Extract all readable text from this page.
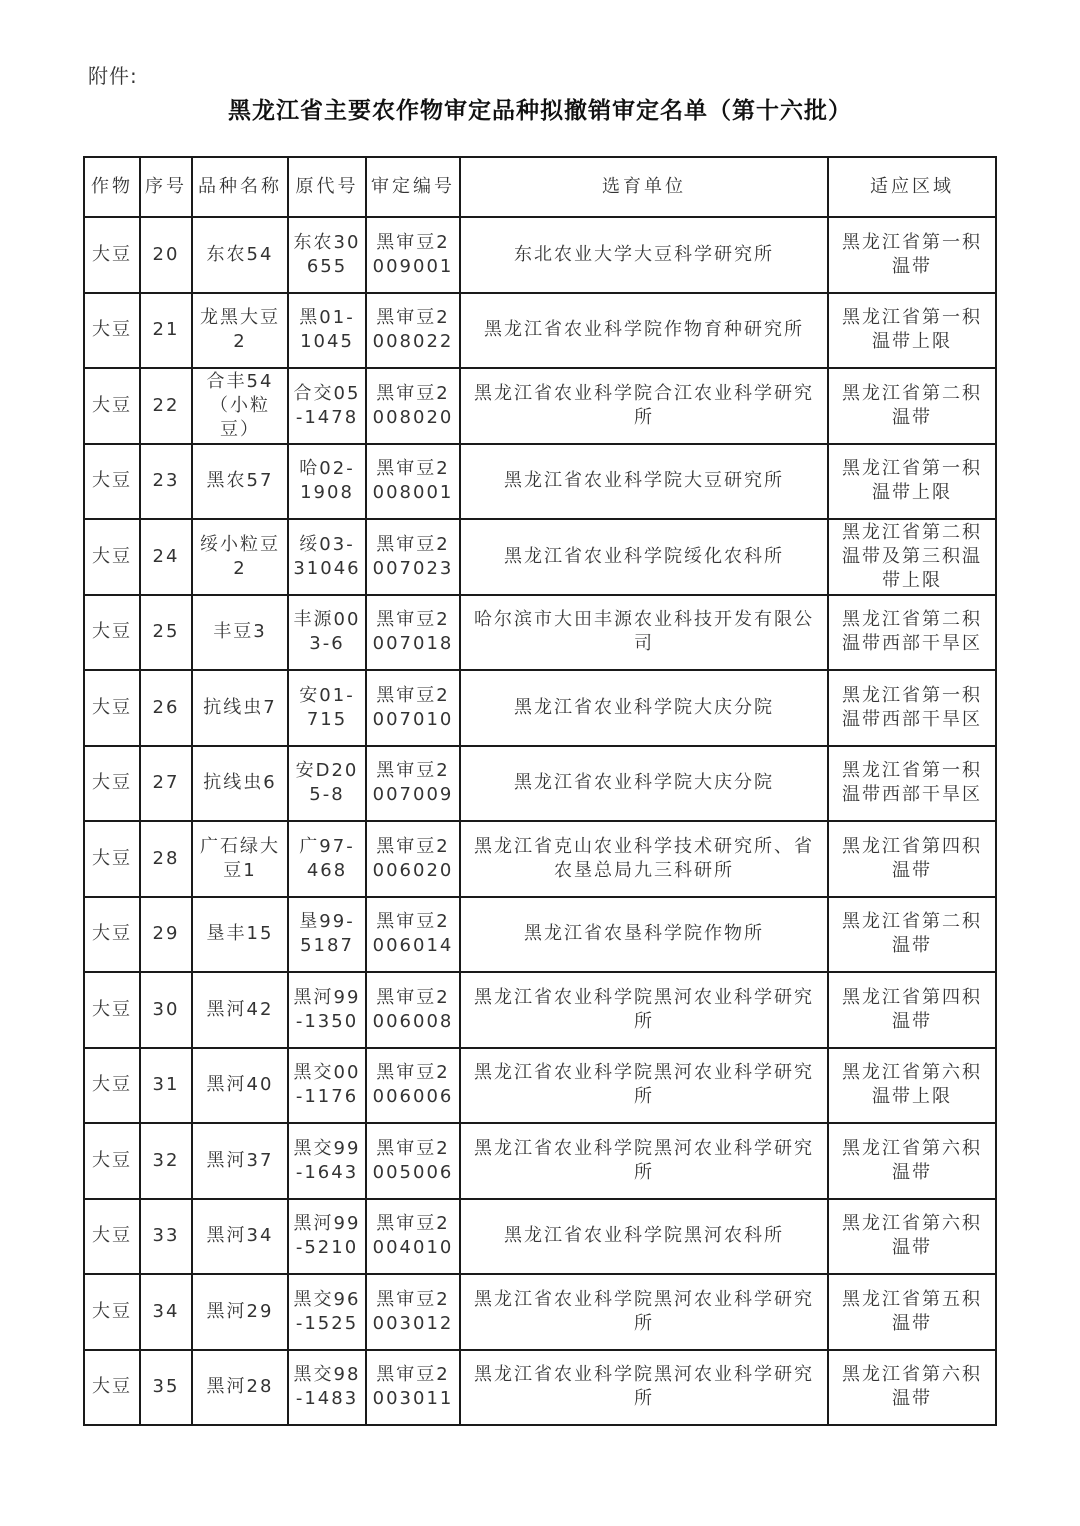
附件:
黑龙江省主要农作物审定品种拟撤销审定名单（第十六批）
作物	序号	品种名称	原代号	审定编号	选育单位	适应区域
大豆	20	东农54	东农30655	黑审豆2009001	东北农业大学大豆科学研究所	黑龙江省第一积温带
大豆	21	龙黑大豆2	黑01-1045	黑审豆2008022	黑龙江省农业科学院作物育种研究所	黑龙江省第一积温带上限
大豆	22	合丰54（小粒豆）	合交05-1478	黑审豆2008020	黑龙江省农业科学院合江农业科学研究所	黑龙江省第二积温带
大豆	23	黑农57	哈02-1908	黑审豆2008001	黑龙江省农业科学院大豆研究所	黑龙江省第一积温带上限
大豆	24	绥小粒豆2	绥03-31046	黑审豆2007023	黑龙江省农业科学院绥化农科所	黑龙江省第二积温带及第三积温带上限
大豆	25	丰豆3	丰源003-6	黑审豆2007018	哈尔滨市大田丰源农业科技开发有限公司	黑龙江省第二积温带西部干旱区
大豆	26	抗线虫7	安01-715	黑审豆2007010	黑龙江省农业科学院大庆分院	黑龙江省第一积温带西部干旱区
大豆	27	抗线虫6	安D205-8	黑审豆2007009	黑龙江省农业科学院大庆分院	黑龙江省第一积温带西部干旱区
大豆	28	广石绿大豆1	广97-468	黑审豆2006020	黑龙江省克山农业科学技术研究所、省农垦总局九三科研所	黑龙江省第四积温带
大豆	29	垦丰15	垦99-5187	黑审豆2006014	黑龙江省农垦科学院作物所	黑龙江省第二积温带
大豆	30	黑河42	黑河99-1350	黑审豆2006008	黑龙江省农业科学院黑河农业科学研究所	黑龙江省第四积温带
大豆	31	黑河40	黑交00-1176	黑审豆2006006	黑龙江省农业科学院黑河农业科学研究所	黑龙江省第六积温带上限
大豆	32	黑河37	黑交99-1643	黑审豆2005006	黑龙江省农业科学院黑河农业科学研究所	黑龙江省第六积温带
大豆	33	黑河34	黑河99-5210	黑审豆2004010	黑龙江省农业科学院黑河农科所	黑龙江省第六积温带
大豆	34	黑河29	黑交96-1525	黑审豆2003012	黑龙江省农业科学院黑河农业科学研究所	黑龙江省第五积温带
大豆	35	黑河28	黑交98-1483	黑审豆2003011	黑龙江省农业科学院黑河农业科学研究所	黑龙江省第六积温带
